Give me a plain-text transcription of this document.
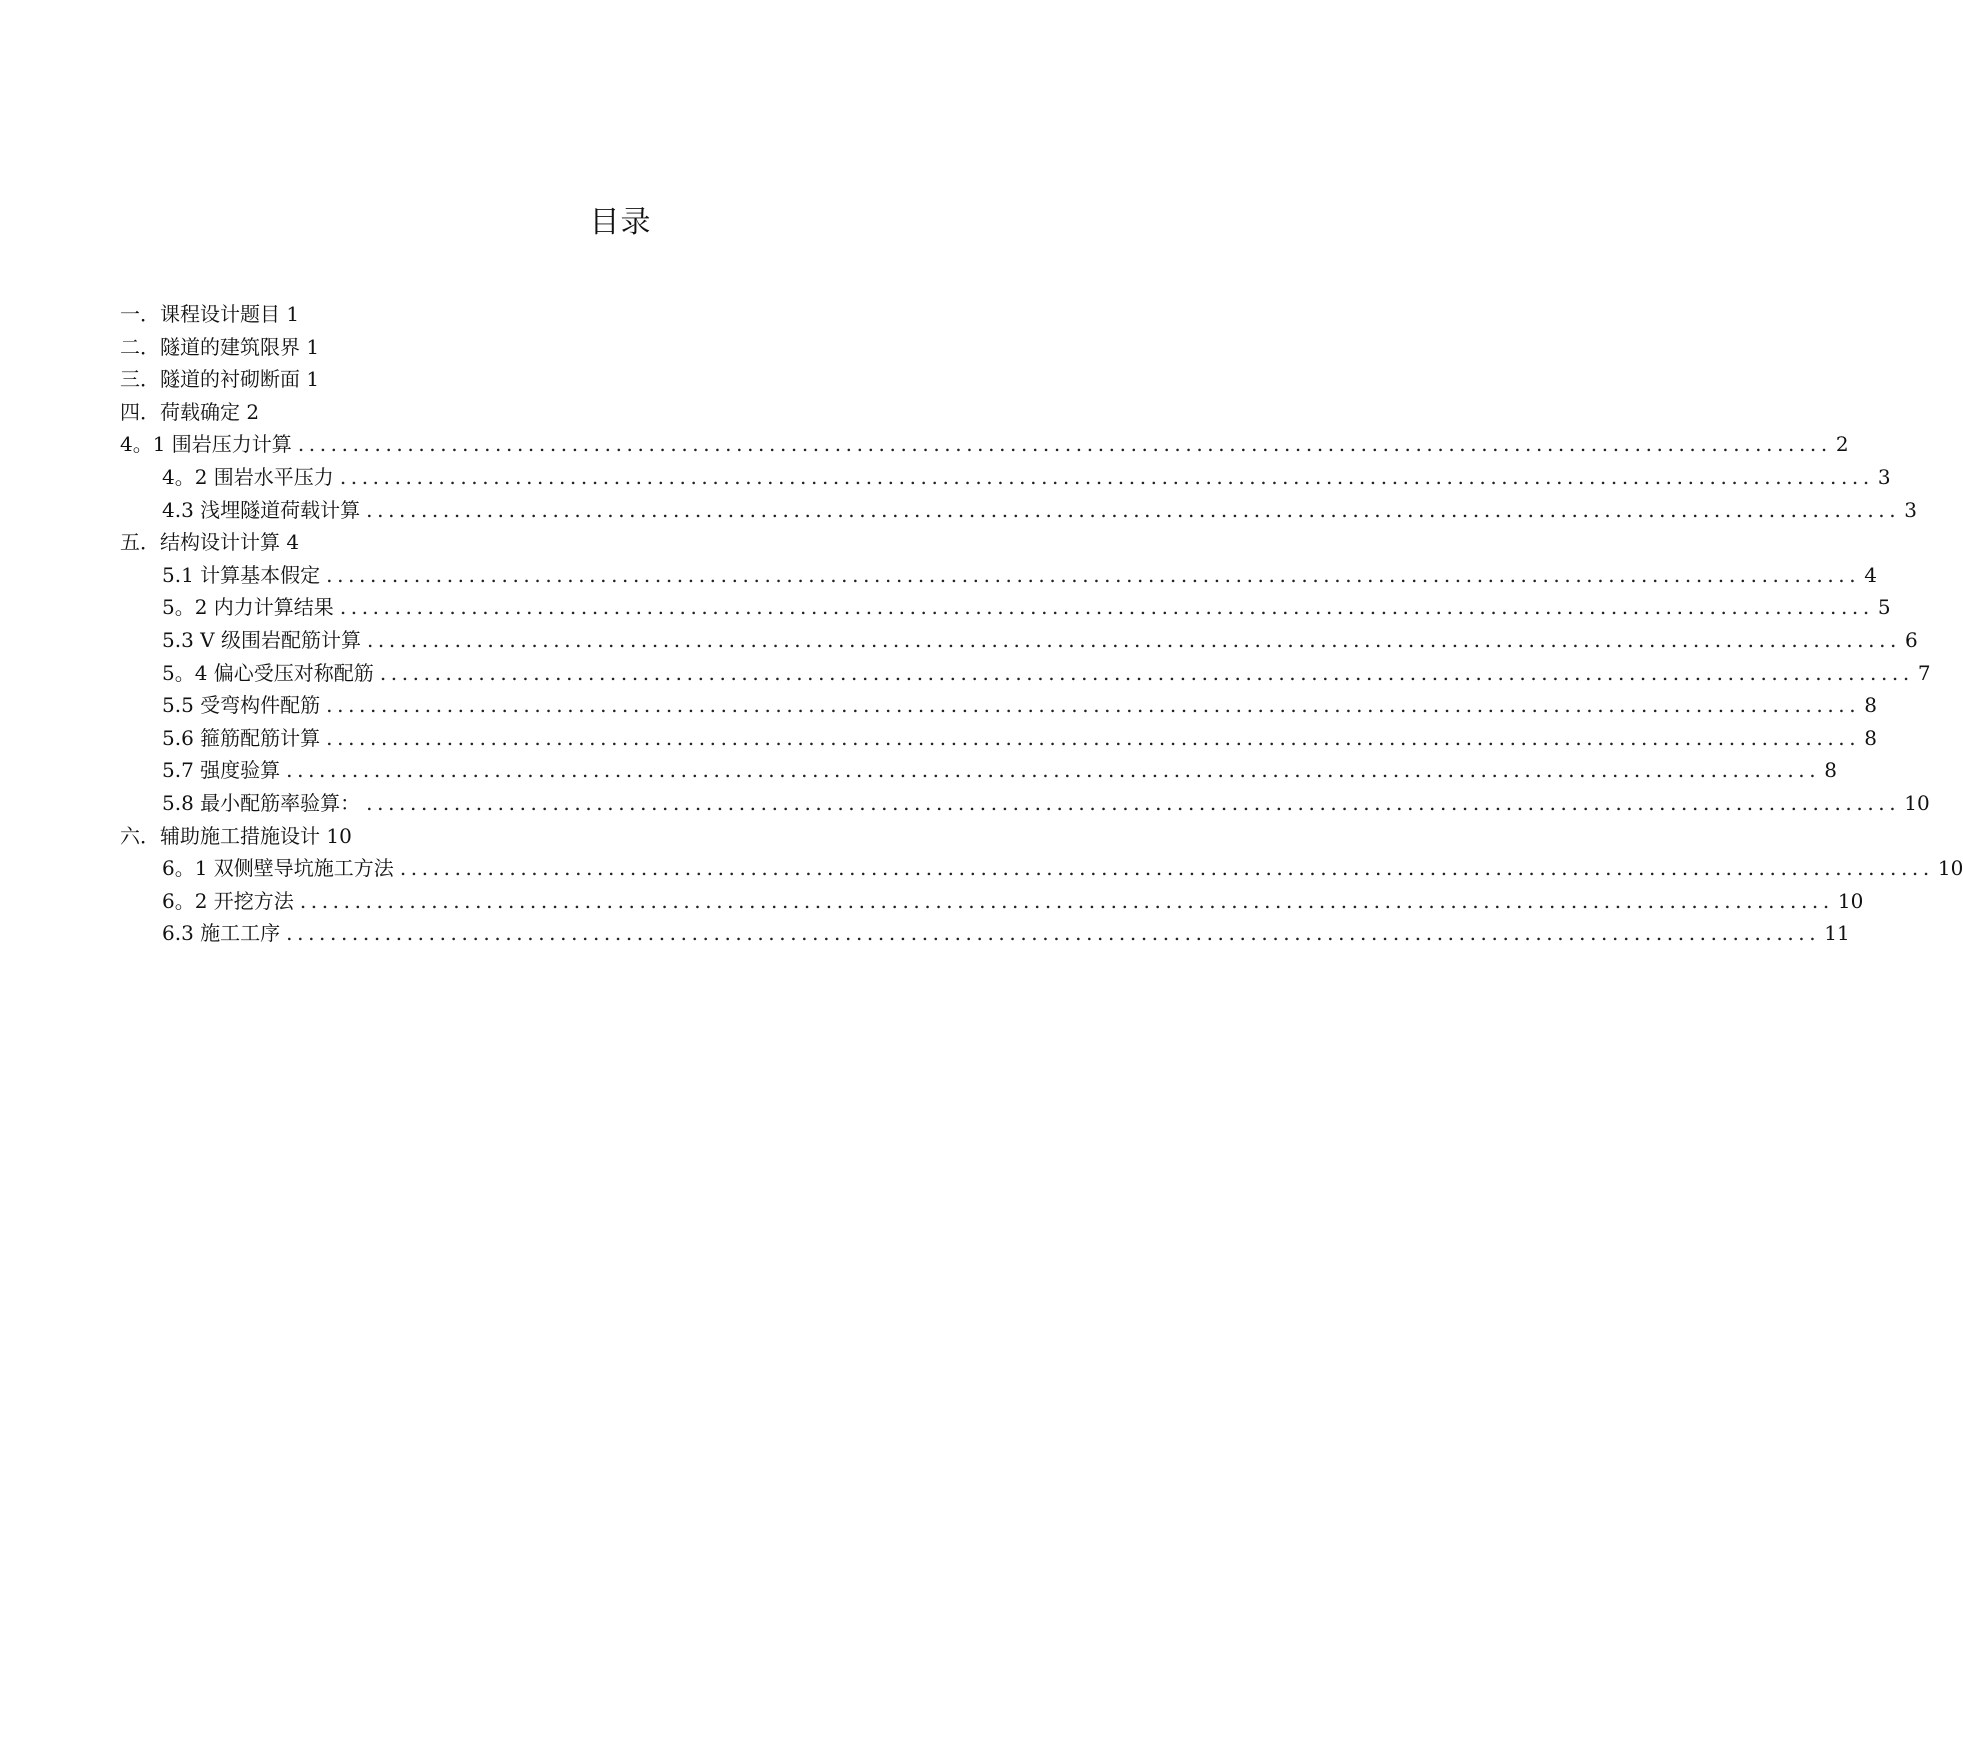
目录
一．课程设计题目 1
二．隧道的建筑限界 1
三．隧道的衬砌断面 1
四．荷载确定 2
4。1 围岩压力计算 ............................................................................................................................................ 2
4。2 围岩水平压力 ............................................................................................................................................ 3
4.3 浅埋隧道荷载计算 ............................................................................................................................................ 3
五．结构设计计算 4
5.1 计算基本假定 ............................................................................................................................................ 4
5。2 内力计算结果 ............................................................................................................................................ 5
5.3 V 级围岩配筋计算 ............................................................................................................................................ 6
5。4 偏心受压对称配筋 ............................................................................................................................................ 7
5.5 受弯构件配筋 ............................................................................................................................................ 8
5.6 箍筋配筋计算 ............................................................................................................................................ 8
5.7 强度验算 ............................................................................................................................................ 8
5.8 最小配筋率验算： ............................................................................................................................................ 10
六．辅助施工措施设计 10
6。1 双侧壁导坑施工方法 ............................................................................................................................................ 10
6。2 开挖方法 ............................................................................................................................................ 10
6.3 施工工序 ............................................................................................................................................ 11
